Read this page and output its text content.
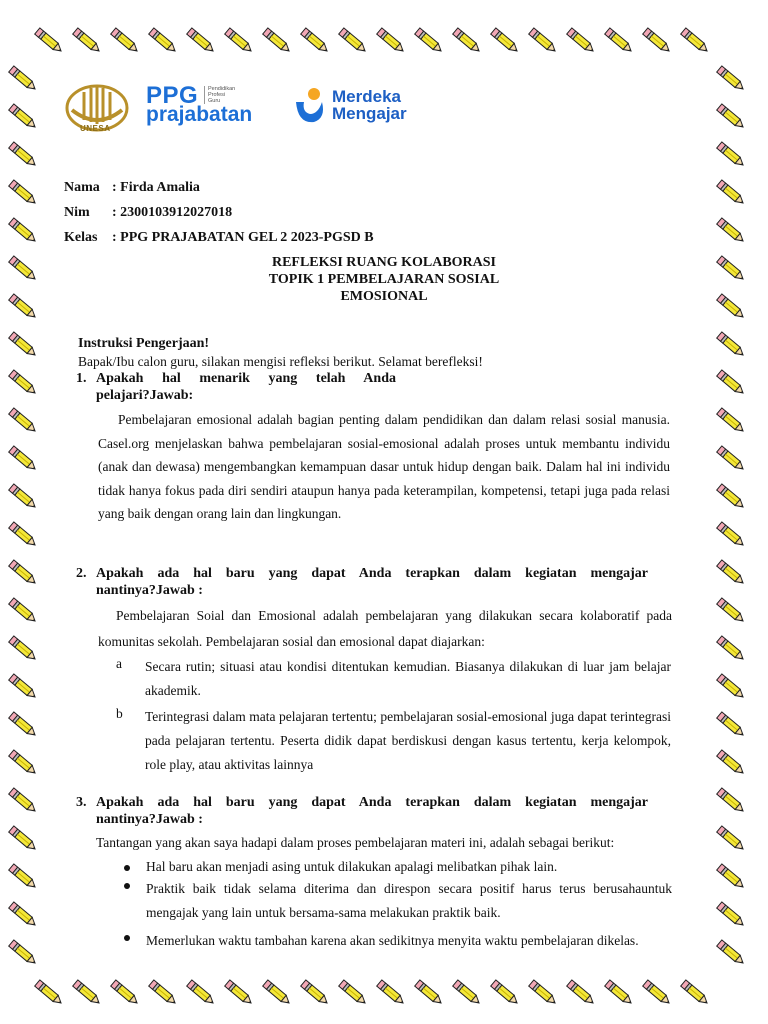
UNESA
PPG Pendidikan
Profesi
Guru
prajabatan
Merdeka
Mengajar
Nama : Firda Amalia
Nim : 2300103912027018
Kelas : PPG PRAJABATAN GEL 2 2023-PGSD B
REFLEKSI RUANG KOLABORASI
TOPIK 1 PEMBELAJARAN SOSIAL
EMOSIONAL
Instruksi Pengerjaan!
Bapak/Ibu calon guru, silakan mengisi refleksi berikut. Selamat berefleksi!
1. Apakah hal menarik yang telah Anda
pelajari?Jawab:
Pembelajaran emosional adalah bagian penting dalam pendidikan dan dalam relasi sosial manusia. Casel.org menjelaskan bahwa pembelajaran sosial-emosional adalah proses untuk membantu individu (anak dan dewasa) mengembangkan kemampuan dasar untuk hidup dengan baik. Dalam hal ini individu tidak hanya fokus pada diri sendiri ataupun hanya pada keterampilan, kompetensi, tetapi juga pada relasi yang baik dengan orang lain dan lingkungan.
2. Apakah ada hal baru yang dapat Anda terapkan dalam kegiatan mengajar
nantinya?Jawab :
Pembelajaran Soial dan Emosional adalah pembelajaran yang dilakukan secara kolaboratif pada komunitas sekolah. Pembelajaran sosial dan emosional dapat diajarkan:
a Secara rutin; situasi atau kondisi ditentukan kemudian. Biasanya dilakukan di luar jam belajar akademik.
b Terintegrasi dalam mata pelajaran tertentu; pembelajaran sosial-emosional juga dapat terintegrasi pada pelajaran tertentu. Peserta didik dapat berdiskusi dengan kasus tertentu, kerja kelompok, role play, atau aktivitas lainnya
3. Apakah ada hal baru yang dapat Anda terapkan dalam kegiatan mengajar
nantinya?Jawab :
Tantangan yang akan saya hadapi dalam proses pembelajaran materi ini, adalah sebagai berikut:
Hal baru akan menjadi asing untuk dilakukan apalagi melibatkan pihak lain.
Praktik baik tidak selama diterima dan direspon secara positif harus terus berusahauntuk mengajak yang lain untuk bersama-sama melakukan praktik baik.
Memerlukan waktu tambahan karena akan sedikitnya menyita waktu pembelajaran dikelas.
